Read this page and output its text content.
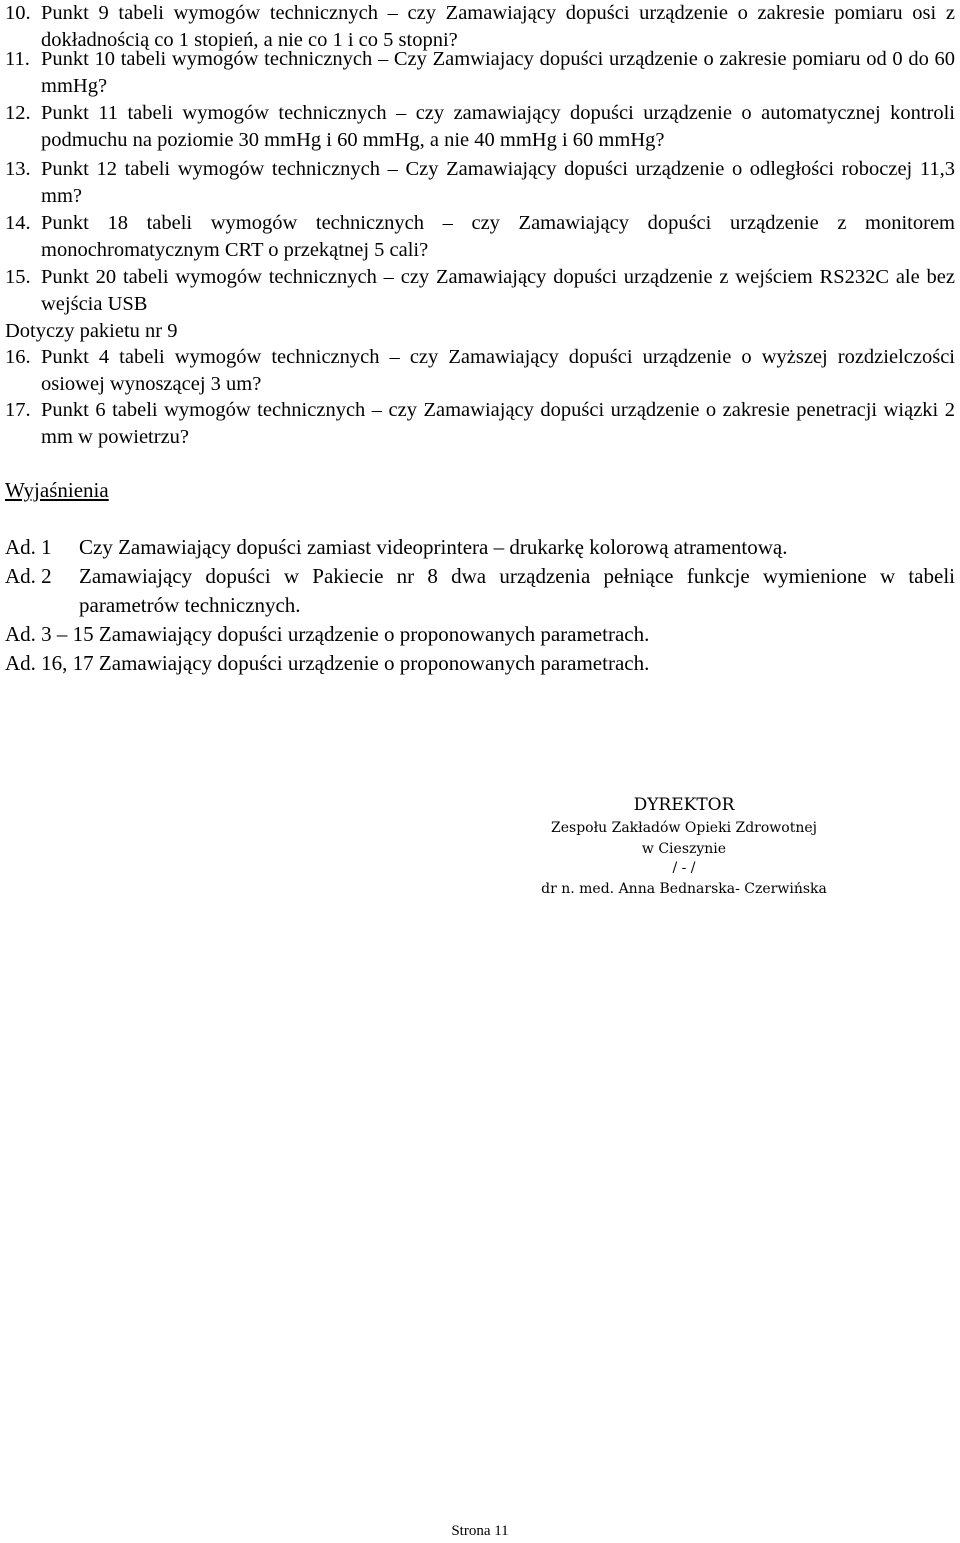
10. Punkt 9 tabeli wymogów technicznych – czy Zamawiający dopuści urządzenie o zakresie pomiaru osi z dokładnością co 1 stopień, a nie co 1 i co 5 stopni?
11. Punkt 10 tabeli wymogów technicznych – Czy Zamwiajacy dopuści urządzenie o zakresie pomiaru od 0 do 60 mmHg?
12. Punkt 11 tabeli wymogów technicznych – czy zamawiający dopuści urządzenie o automatycznej kontroli podmuchu na poziomie 30 mmHg i 60 mmHg, a nie 40 mmHg i 60 mmHg?
13. Punkt 12 tabeli wymogów technicznych – Czy Zamawiający dopuści urządzenie o odległości roboczej 11,3 mm?
14. Punkt 18 tabeli wymogów technicznych – czy Zamawiający dopuści urządzenie z monitorem monochromatycznym CRT o przekątnej 5 cali?
15. Punkt 20 tabeli wymogów technicznych – czy Zamawiający dopuści urządzenie z wejściem RS232C ale bez wejścia USB
Dotyczy pakietu nr 9
16. Punkt 4 tabeli wymogów technicznych – czy Zamawiający dopuści urządzenie o wyższej rozdzielczości osiowej wynoszącej 3 um?
17. Punkt 6 tabeli wymogów technicznych – czy Zamawiający dopuści urządzenie o zakresie penetracji wiązki 2 mm w powietrzu?
Wyjaśnienia
Ad. 1 Czy Zamawiający dopuści zamiast videoprintera – drukarkę kolorową atramentową.
Ad. 2 Zamawiający dopuści w Pakiecie nr 8 dwa urządzenia pełniące funkcje wymienione w tabeli parametrów technicznych.
Ad. 3 – 15 Zamawiający dopuści urządzenie o proponowanych parametrach.
Ad. 16, 17 Zamawiający dopuści urządzenie o proponowanych parametrach.
DYREKTOR
Zespołu Zakładów Opieki Zdrowotnej
w Cieszynie
/ - /
dr n. med. Anna Bednarska- Czerwińska
Strona 11
